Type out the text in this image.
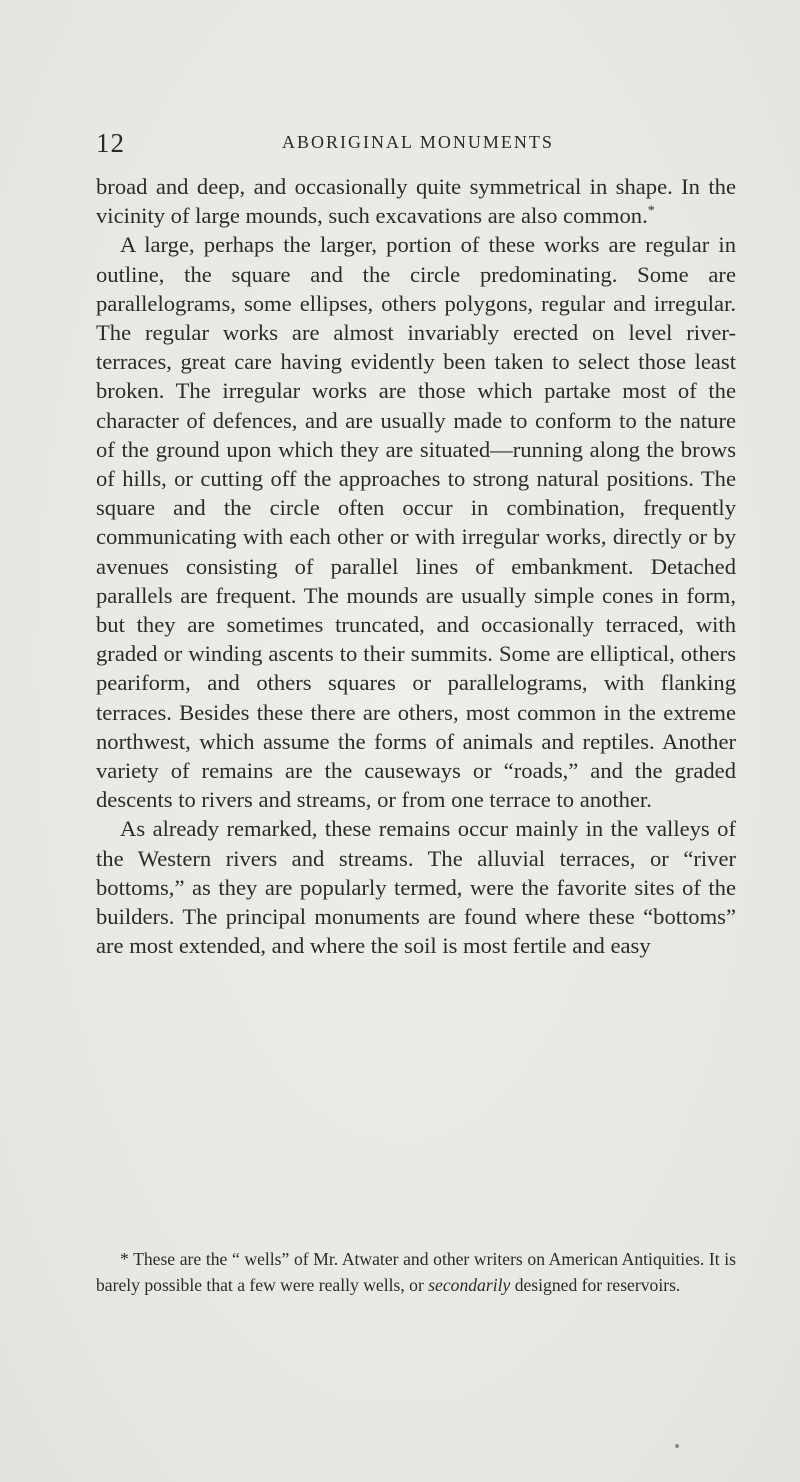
12	ABORIGINAL MONUMENTS

broad and deep, and occasionally quite symmetrical in shape. In the vicinity of large mounds, such excavations are also common.*

A large, perhaps the larger, portion of these works are regular in outline, the square and the circle predominating. Some are parallelograms, some ellipses, others polygons, regular and irregular. The regular works are almost invariably erected on level river-terraces, great care having evidently been taken to select those least broken. The irregular works are those which partake most of the character of defences, and are usually made to conform to the nature of the ground upon which they are situated—running along the brows of hills, or cutting off the approaches to strong natural positions. The square and the circle often occur in combination, frequently communicating with each other or with irregular works, directly or by avenues consisting of parallel lines of embankment. Detached parallels are frequent. The mounds are usually simple cones in form, but they are sometimes truncated, and occasionally terraced, with graded or winding ascents to their summits. Some are elliptical, others peariform, and others squares or parallelograms, with flanking terraces. Besides these there are others, most common in the extreme northwest, which assume the forms of animals and reptiles. Another variety of remains are the causeways or “roads,” and the graded descents to rivers and streams, or from one terrace to another.

As already remarked, these remains occur mainly in the valleys of the Western rivers and streams. The alluvial terraces, or “river bottoms,” as they are popularly termed, were the favorite sites of the builders. The principal monuments are found where these “bottoms” are most extended, and where the soil is most fertile and easy

* These are the “ wells” of Mr. Atwater and other writers on American Antiquities. It is barely possible that a few were really wells, or secondarily designed for reservoirs.
